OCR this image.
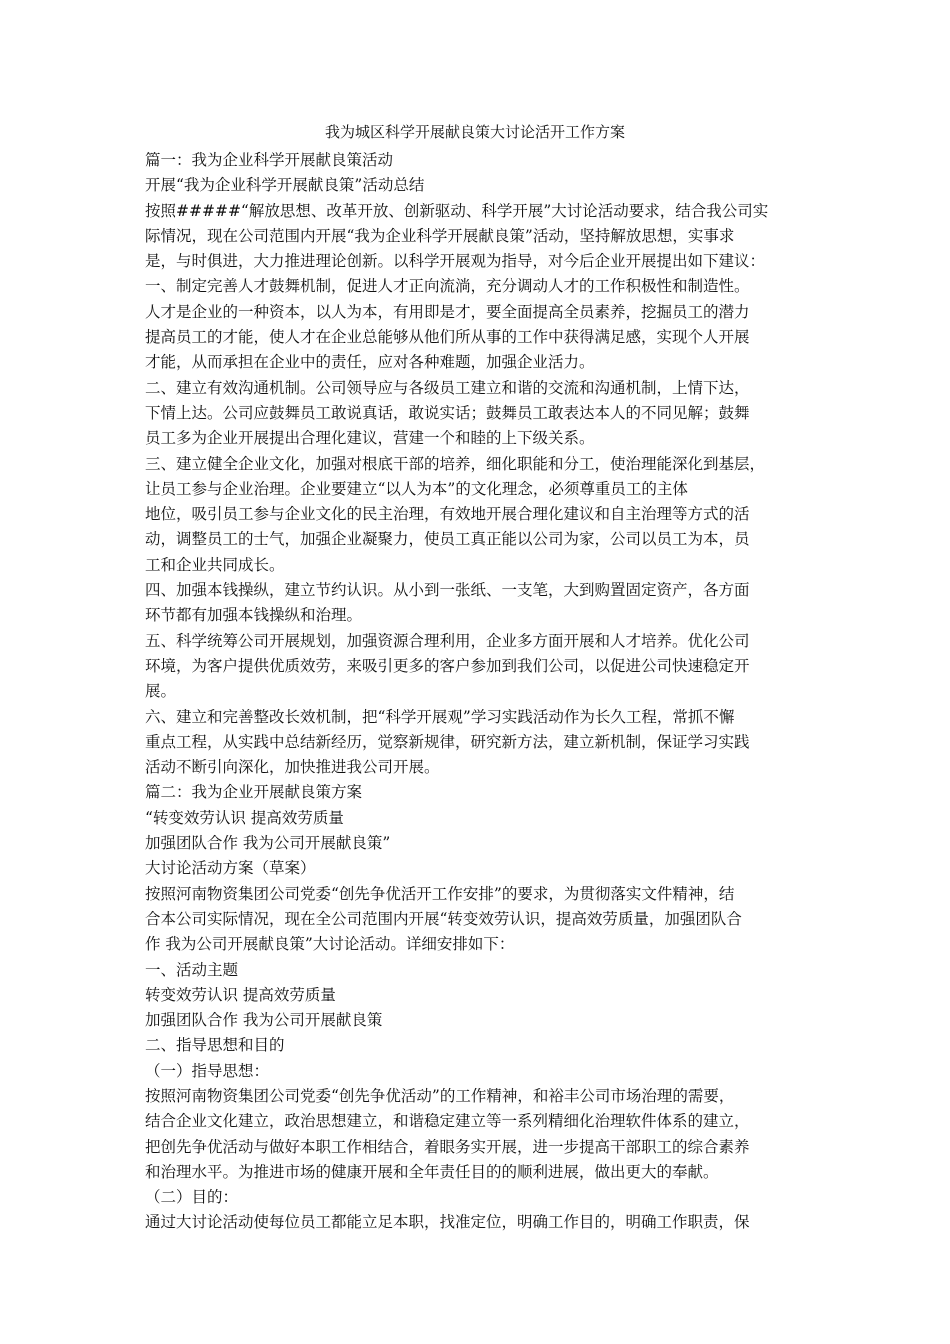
我为城区科学开展献良策大讨论活开工作方案
篇一：我为企业科学开展献良策活动
开展“我为企业科学开展献良策”活动总结
按照#####“解放思想、改革开放、创新驱动、科学开展”大讨论活动要求，结合我公司实
际情况，现在公司范围内开展“我为企业科学开展献良策”活动，坚持解放思想，实事求
是，与时俱进，大力推进理论创新。以科学开展观为指导，对今后企业开展提出如下建议：
一、制定完善人才鼓舞机制，促进人才正向流淌，充分调动人才的工作积极性和制造性。
人才是企业的一种资本，以人为本，有用即是才，要全面提高全员素养，挖掘员工的潜力
提高员工的才能，使人才在企业总能够从他们所从事的工作中获得满足感，实现个人开展
才能，从而承担在企业中的责任，应对各种难题，加强企业活力。
二、建立有效沟通机制。公司领导应与各级员工建立和谐的交流和沟通机制，上情下达，
下情上达。公司应鼓舞员工敢说真话，敢说实话；鼓舞员工敢表达本人的不同见解；鼓舞
员工多为企业开展提出合理化建议，营建一个和睦的上下级关系。
三、建立健全企业文化，加强对根底干部的培养，细化职能和分工，使治理能深化到基层，
让员工参与企业治理。企业要建立“以人为本”的文化理念，必须尊重员工的主体
地位，吸引员工参与企业文化的民主治理，有效地开展合理化建议和自主治理等方式的活
动，调整员工的士气，加强企业凝聚力，使员工真正能以公司为家，公司以员工为本，员
工和企业共同成长。
四、加强本钱操纵，建立节约认识。从小到一张纸、一支笔，大到购置固定资产，各方面
环节都有加强本钱操纵和治理。
五、科学统筹公司开展规划，加强资源合理利用，企业多方面开展和人才培养。优化公司
环境，为客户提供优质效劳，来吸引更多的客户参加到我们公司，以促进公司快速稳定开
展。
六、建立和完善整改长效机制，把“科学开展观”学习实践活动作为长久工程，常抓不懈
重点工程，从实践中总结新经历，觉察新规律，研究新方法，建立新机制，保证学习实践
活动不断引向深化，加快推进我公司开展。
篇二：我为企业开展献良策方案
“转变效劳认识 提高效劳质量
加强团队合作 我为公司开展献良策”
大讨论活动方案（草案）
按照河南物资集团公司党委“创先争优活开工作安排”的要求，为贯彻落实文件精神，结
合本公司实际情况，现在全公司范围内开展“转变效劳认识，提高效劳质量，加强团队合
作 我为公司开展献良策”大讨论活动。详细安排如下：
一、活动主题
转变效劳认识 提高效劳质量
加强团队合作 我为公司开展献良策
二、指导思想和目的
（一）指导思想：
按照河南物资集团公司党委“创先争优活动”的工作精神，和裕丰公司市场治理的需要，
结合企业文化建立，政治思想建立，和谐稳定建立等一系列精细化治理软件体系的建立，
把创先争优活动与做好本职工作相结合，着眼务实开展，进一步提高干部职工的综合素养
和治理水平。为推进市场的健康开展和全年责任目的的顺利进展，做出更大的奉献。
（二）目的：
通过大讨论活动使每位员工都能立足本职，找准定位，明确工作目的，明确工作职责，保
